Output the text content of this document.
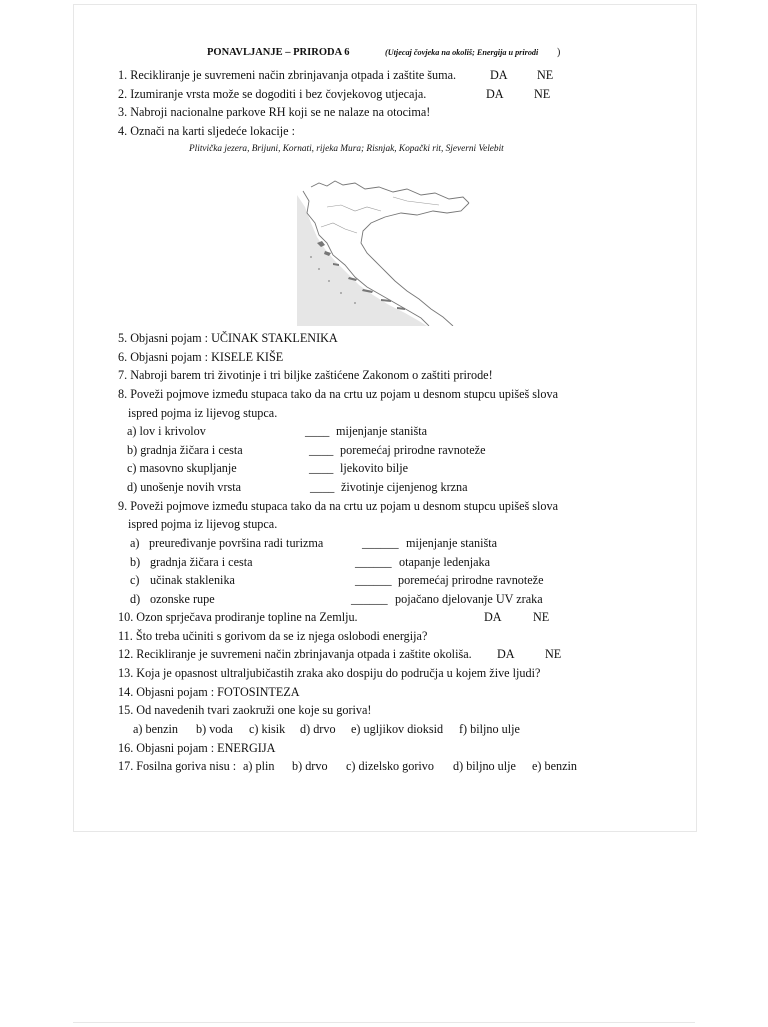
PONAVLJANJE – PRIRODA 6	(Utjecaj čovjeka na okoliš; Energija u prirodi )
1. Recikliranje je suvremeni način zbrinjavanja otpada i zaštite šuma.	DA NE
2. Izumiranje vrsta može se dogoditi i bez čovjekovog utjecaja.	DA NE
3. Nabroji nacionalne parkove RH koji se ne nalaze na otocima!
4. Označi na karti sljedeće lokacije :
Plitvička jezera, Brijuni, Kornati, rijeka Mura; Risnjak, Kopački rit, Sjeverni Velebit
5. Objasni pojam : UČINAK STAKLENIKA
6. Objasni pojam : KISELE KIŠE
7. Nabroji barem tri životinje i tri biljke zaštićene Zakonom o zaštiti prirode!
8. Poveži pojmove između stupaca tako da na crtu uz pojam u desnom stupcu upišeš slova
ispred pojma iz lijevog stupca.
a) lov i krivolov	____ mijenjanje staništa
b) gradnja žičara i cesta	____ poremećaj prirodne ravnoteže
c) masovno skupljanje	____ ljekovito bilje
d) unošenje novih vrsta	____ životinje cijenjenog krzna
9. Poveži pojmove između stupaca tako da na crtu uz pojam u desnom stupcu upišeš slova
ispred pojma iz lijevog stupca.
a) preuređivanje površina radi turizma	______ mijenjanje staništa
b) gradnja žičara i cesta	______ otapanje ledenjaka
c) učinak staklenika	______ poremećaj prirodne ravnoteže
d) ozonske rupe	______ pojačano djelovanje UV zraka
10. Ozon sprječava prodiranje topline na Zemlju.	DA	NE
11. Što treba učiniti s gorivom da se iz njega oslobodi energija?
12. Recikliranje je suvremeni način zbrinjavanja otpada i zaštite okoliša. DA NE
13. Koja je opasnost ultraljubičastih zraka ako dospiju do područja u kojem žive ljudi?
14. Objasni pojam : FOTOSINTEZA
15. Od navedenih tvari zaokruži one koje su goriva!
a) benzin b) voda c) kisik d) drvo e) ugljikov dioksid f) biljno ulje
16. Objasni pojam : ENERGIJA
17. Fosilna goriva nisu : a) plin b) drvo c) dizelsko gorivo d) biljno ulje e) benzin
